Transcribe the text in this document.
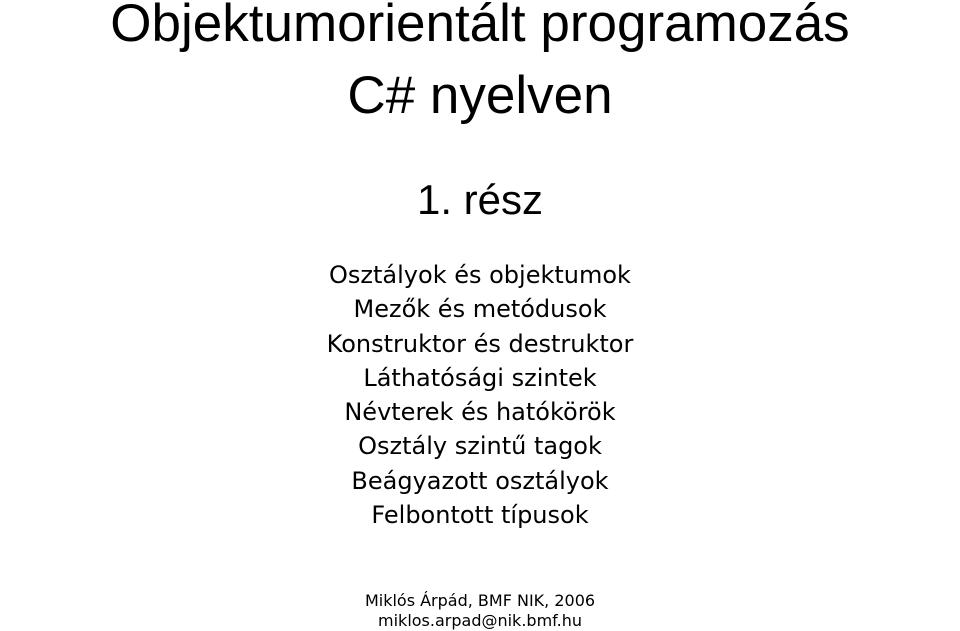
Objektumorientált programozás
C# nyelven
1. rész
Osztályok és objektumok
Mezők és metódusok
Konstruktor és destruktor
Láthatósági szintek
Névterek és hatókörök
Osztály szintű tagok
Beágyazott osztályok
Felbontott típusok
Miklós Árpád, BMF NIK, 2006
miklos.arpad@nik.bmf.hu
